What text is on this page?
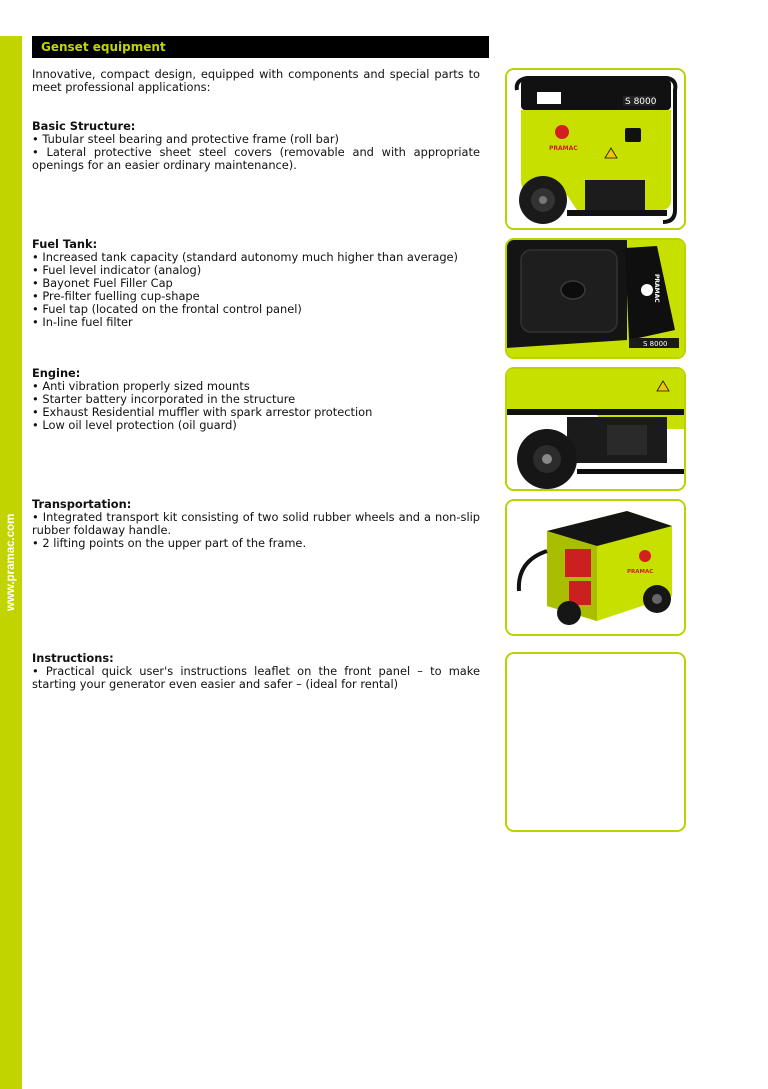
www.pramac.com
Genset equipment

Innovative, compact design, equipped with components and special parts to meet professional applications:

Basic Structure:

• Tubular steel bearing and protective frame (roll bar)

• Lateral protective sheet steel covers (removable and with appropriate openings for an easier ordinary maintenance).

Fuel Tank:

• Increased tank capacity (standard autonomy much higher than average)

• Fuel level indicator (analog)

• Bayonet Fuel Filler Cap

• Pre-filter fuelling cup-shape

• Fuel tap (located on the frontal control panel)

• In-line fuel filter

Engine:

• Anti vibration properly sized mounts

• Starter battery incorporated in the structure

• Exhaust Residential muffler with spark arrestor protection

• Low oil level protection (oil guard)

Transportation:

• Integrated transport kit consisting of two solid rubber wheels and a non-slip rubber foldaway handle.

• 2 lifting points on the upper part of the frame.

Instructions:

• Practical quick user's instructions leaflet on the front panel – to make starting your generator even easier and safer – (ideal for rental)

S 8000
PRAMAC
PRAMAC
S 8000
PRAMAC
